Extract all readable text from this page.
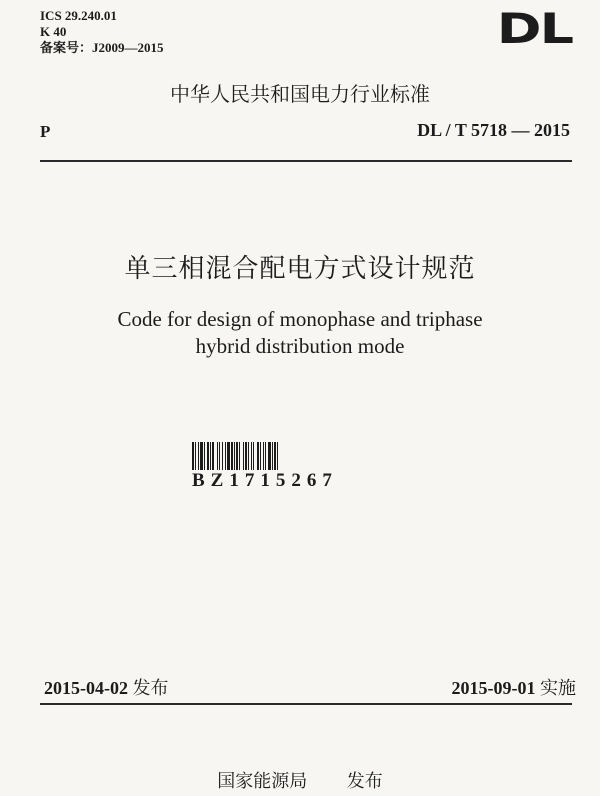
ICS 29.240.01
K 40
备案号：J2009—2015	DL
中华人民共和国电力行业标准
P	DL / T 5718 — 2015
单三相混合配电方式设计规范
Code for design of monophase and triphase
hybrid distribution mode
BZ1715267
2015-04-02 发布	2015-09-01 实施
国家能源局 发布
